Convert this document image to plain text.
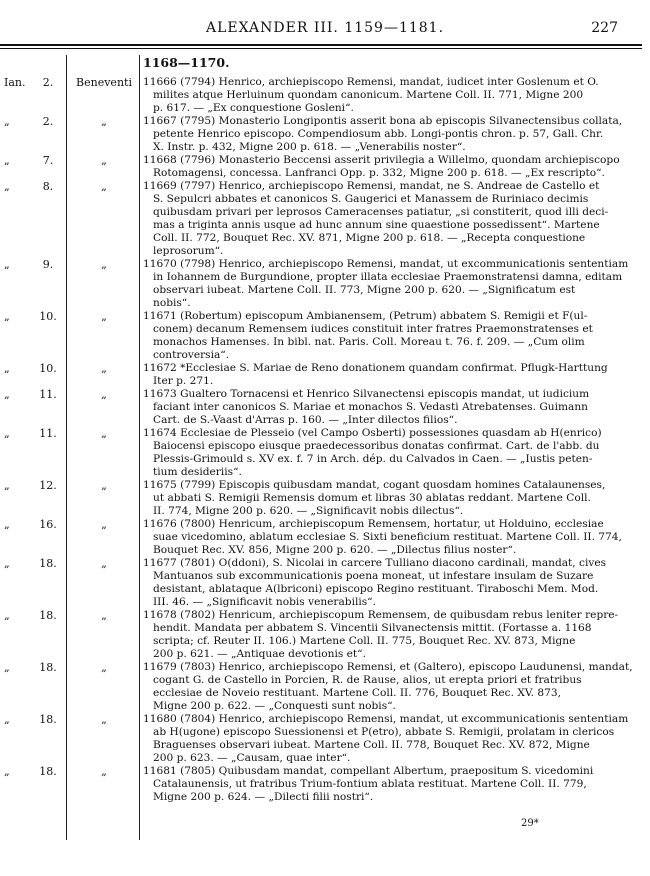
ALEXANDER III. 1159—1181.	227
1168—1170.
Ian.	2.	Beneventi	11666 (7794) Henrico, archiepiscopo Remensi, mandat, iudicet inter Goslenum et O.
milites atque Herluinum quondam canonicum. Martene Coll. II. 771, Migne 200
p. 617. — „Ex conquestione Gosleni“.
„	2.	„	11667 (7795) Monasterio Longipontis asserit bona ab episcopis Silvanectensibus collata,
petente Henrico episcopo. Compendiosum abb. Longi-pontis chron. p. 57, Gall. Chr.
X. Instr. p. 432, Migne 200 p. 618. — „Venerabilis noster“.
„	7.	„	11668 (7796) Monasterio Beccensi asserit privilegia a Willelmo, quondam archiepiscopo
Rotomagensi, concessa. Lanfranci Opp. p. 332, Migne 200 p. 618. — „Ex rescripto“.
„	8.	„	11669 (7797) Henrico, archiepiscopo Remensi, mandat, ne S. Andreae de Castello et
S. Sepulcri abbates et canonicos S. Gaugerici et Manassem de Ruriniaco decimis
quibusdam privari per leprosos Cameracenses patiatur, „si constiterit, quod illi deci-
mas a triginta annis usque ad hunc annum sine quaestione possedissent“. Martene
Coll. II. 772, Bouquet Rec. XV. 871, Migne 200 p. 618. — „Recepta conquestione
leprosorum“.
„	9.	„	11670 (7798) Henrico, archiepiscopo Remensi, mandat, ut excommunicationis sententiam
in Iohannem de Burgundione, propter illata ecclesiae Praemonstratensi damna, editam
observari iubeat. Martene Coll. II. 773, Migne 200 p. 620. — „Significatum est
nobis“.
„	10.	„	11671 (Robertum) episcopum Ambianensem, (Petrum) abbatem S. Remigii et F(ul-
conem) decanum Remensem iudices constituit inter fratres Praemonstratenses et
monachos Hamenses. In bibl. nat. Paris. Coll. Moreau t. 76. f. 209. — „Cum olim
controversia“.
„	10.	„	11672 *Ecclesiae S. Mariae de Reno donationem quandam confirmat. Pflugk-Harttung
Iter p. 271.
„	11.	„	11673 Gualtero Tornacensi et Henrico Silvanectensi episcopis mandat, ut iudicium
faciant inter canonicos S. Mariae et monachos S. Vedasti Atrebatenses. Guimann
Cart. de S.-Vaast d'Arras p. 160. — „Inter dilectos filios“.
„	11.	„	11674 Ecclesiae de Plesseio (vel Campo Osberti) possessiones quasdam ab H(enrico)
Baiocensi episcopo eiusque praedecessoribus donatas confirmat. Cart. de l'abb. du
Plessis-Grimould s. XV ex. f. 7 in Arch. dép. du Calvados in Caen. — „Iustis peten-
tium desideriis“.
„	12.	„	11675 (7799) Episcopis quibusdam mandat, cogant quosdam homines Catalaunenses,
ut abbati S. Remigii Remensis domum et libras 30 ablatas reddant. Martene Coll.
II. 774, Migne 200 p. 620. — „Significavit nobis dilectus“.
„	16.	„	11676 (7800) Henricum, archiepiscopum Remensem, hortatur, ut Holduino, ecclesiae
suae vicedomino, ablatum ecclesiae S. Sixti beneficium restituat. Martene Coll. II. 774,
Bouquet Rec. XV. 856, Migne 200 p. 620. — „Dilectus filius noster“.
„	18.	„	11677 (7801) O(ddoni), S. Nicolai in carcere Tulliano diacono cardinali, mandat, cives
Mantuanos sub excommunicationis poena moneat, ut infestare insulam de Suzare
desistant, ablataque A(lbriconi) episcopo Regino restituant. Tiraboschi Mem. Mod.
III. 46. — „Significavit nobis venerabilis“.
„	18.	„	11678 (7802) Henricum, archiepiscopum Remensem, de quibusdam rebus leniter repre-
hendit. Mandata per abbatem S. Vincentii Silvanectensis mittit. (Fortasse a. 1168
scripta; cf. Reuter II. 106.) Martene Coll. II. 775, Bouquet Rec. XV. 873, Migne
200 p. 621. — „Antiquae devotionis et“.
„	18.	„	11679 (7803) Henrico, archiepiscopo Remensi, et (Galtero), episcopo Laudunensi, mandat,
cogant G. de Castello in Porcien, R. de Rause, alios, ut erepta priori et fratribus
ecclesiae de Noveio restituant. Martene Coll. II. 776, Bouquet Rec. XV. 873,
Migne 200 p. 622. — „Conquesti sunt nobis“.
„	18.	„	11680 (7804) Henrico, archiepiscopo Remensi, mandat, ut excommunicationis sententiam
ab H(ugone) episcopo Suessionensi et P(etro), abbate S. Remigii, prolatam in clericos
Braguenses observari iubeat. Martene Coll. II. 778, Bouquet Rec. XV. 872, Migne
200 p. 623. — „Causam, quae inter“.
„	18.	„	11681 (7805) Quibusdam mandat, compellant Albertum, praepositum S. vicedomini
Catalaunensis, ut fratribus Trium-fontium ablata restituat. Martene Coll. II. 779,
Migne 200 p. 624. — „Dilecti filii nostri“.
29*
